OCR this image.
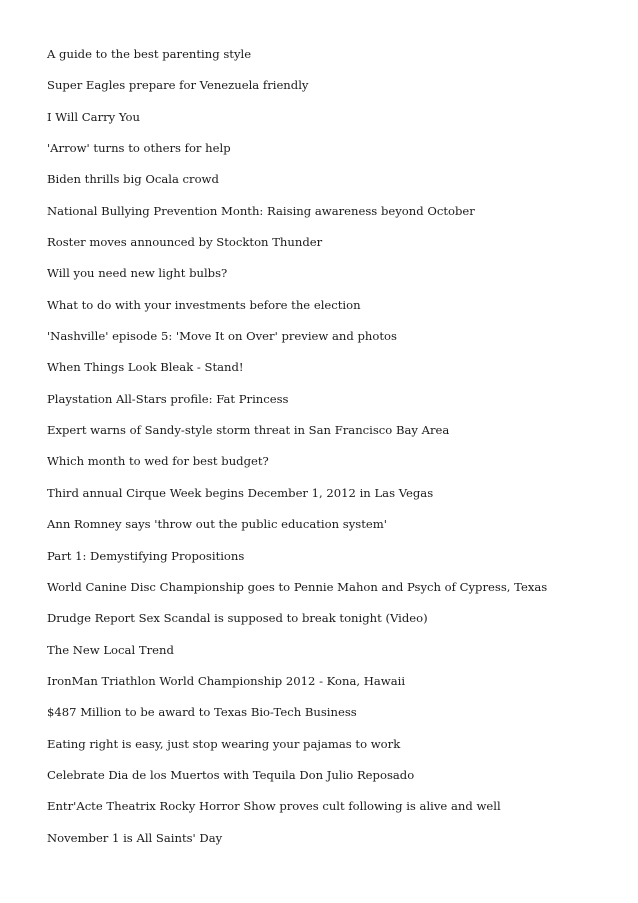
A guide to the best parenting style
Super Eagles prepare for Venezuela friendly
I Will Carry You
'Arrow' turns to others for help
Biden thrills big Ocala crowd
National Bullying Prevention Month: Raising awareness beyond October
Roster moves announced by Stockton Thunder
Will you need new light bulbs?
What to do with your investments before the election
'Nashville' episode 5: 'Move It on Over' preview and photos
When Things Look Bleak - Stand!
Playstation All-Stars profile: Fat Princess
Expert warns of Sandy-style storm threat in San Francisco Bay Area
Which month to wed for best budget?
Third annual Cirque Week begins December 1, 2012 in Las Vegas
Ann Romney says 'throw out the public education system'
Part 1: Demystifying Propositions
World Canine Disc Championship goes to Pennie Mahon and Psych of Cypress, Texas
Drudge Report Sex Scandal is supposed to break tonight (Video)
The New Local Trend
IronMan Triathlon World Championship 2012 - Kona, Hawaii
$487 Million to be award to Texas Bio-Tech Business
Eating right is easy, just stop wearing your pajamas to work
Celebrate Dia de los Muertos with Tequila Don Julio Reposado
Entr'Acte Theatrix Rocky Horror Show proves cult following is alive and well
November 1 is All Saints' Day
